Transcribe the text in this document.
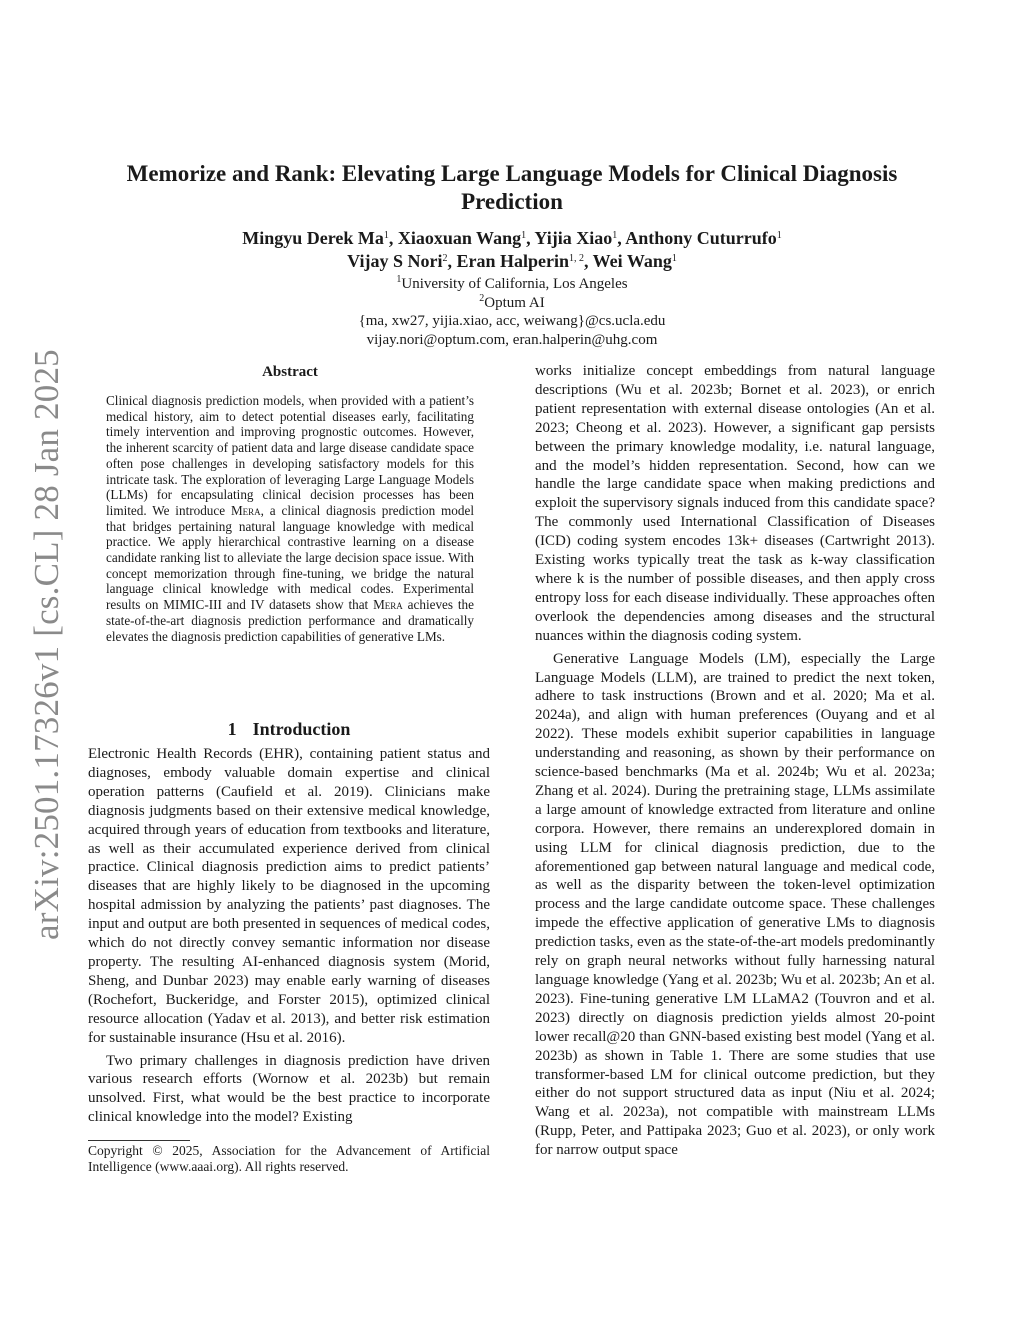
arXiv:2501.17326v1 [cs.CL] 28 Jan 2025
Memorize and Rank: Elevating Large Language Models for Clinical Diagnosis Prediction
Mingyu Derek Ma$^1$, Xiaoxuan Wang$^1$, Yijia Xiao$^1$, Anthony Cuturrufo$^1$
Vijay S Nori$^2$, Eran Halperin$^{1, 2}$, Wei Wang$^1$
$^1$University of California, Los Angeles
$^2$Optum AI
{ma, xw27, yijia.xiao, acc, weiwang}@cs.ucla.edu
vijay.nori@optum.com, eran.halperin@uhg.com
Abstract
Clinical diagnosis prediction models, when provided with a patient’s medical history, aim to detect potential diseases early, facilitating timely intervention and improving prognostic outcomes. However, the inherent scarcity of patient data and large disease candidate space often pose challenges in developing satisfactory models for this intricate task. The exploration of leveraging Large Language Models (LLMs) for encapsulating clinical decision processes has been limited. We introduce Mera, a clinical diagnosis prediction model that bridges pertaining natural language knowledge with medical practice. We apply hierarchical contrastive learning on a disease candidate ranking list to alleviate the large decision space issue. With concept memorization through fine-tuning, we bridge the natural language clinical knowledge with medical codes. Experimental results on MIMIC-III and IV datasets show that Mera achieves the state-of-the-art diagnosis prediction performance and dramatically elevates the diagnosis prediction capabilities of generative LMs.
1 Introduction

Electronic Health Records (EHR), containing patient status and diagnoses, embody valuable domain expertise and clinical operation patterns (Caufield et al. 2019). Clinicians make diagnosis judgments based on their extensive medical knowledge, acquired through years of education from textbooks and literature, as well as their accumulated experience derived from clinical practice. Clinical diagnosis prediction aims to predict patients’ diseases that are highly likely to be diagnosed in the upcoming hospital admission by analyzing the patients’ past diagnoses. The input and output are both presented in sequences of medical codes, which do not directly convey semantic information nor disease property. The resulting AI-enhanced diagnosis system (Morid, Sheng, and Dunbar 2023) may enable early warning of diseases (Rochefort, Buckeridge, and Forster 2015), optimized clinical resource allocation (Yadav et al. 2013), and better risk estimation for sustainable insurance (Hsu et al. 2016).

Two primary challenges in diagnosis prediction have driven various research efforts (Wornow et al. 2023b) but remain unsolved. First, what would be the best practice to incorporate clinical knowledge into the model? Existing

Copyright © 2025, Association for the Advancement of Artificial Intelligence (www.aaai.org). All rights reserved.

works initialize concept embeddings from natural language descriptions (Wu et al. 2023b; Bornet et al. 2023), or enrich patient representation with external disease ontologies (An et al. 2023; Cheong et al. 2023). However, a significant gap persists between the primary knowledge modality, i.e. natural language, and the model’s hidden representation. Second, how can we handle the large candidate space when making predictions and exploit the supervisory signals induced from this candidate space? The commonly used International Classification of Diseases (ICD) coding system encodes 13k+ diseases (Cartwright 2013). Existing works typically treat the task as k-way classification where k is the number of possible diseases, and then apply cross entropy loss for each disease individually. These approaches often overlook the dependencies among diseases and the structural nuances within the diagnosis coding system.

Generative Language Models (LM), especially the Large Language Models (LLM), are trained to predict the next token, adhere to task instructions (Brown and et al. 2020; Ma et al. 2024a), and align with human preferences (Ouyang and et al 2022). These models exhibit superior capabilities in language understanding and reasoning, as shown by their performance on science-based benchmarks (Ma et al. 2024b; Wu et al. 2023a; Zhang et al. 2024). During the pretraining stage, LLMs assimilate a large amount of knowledge extracted from literature and online corpora. However, there remains an underexplored domain in using LLM for clinical diagnosis prediction, due to the aforementioned gap between natural language and medical code, as well as the disparity between the token-level optimization process and the large candidate outcome space. These challenges impede the effective application of generative LMs to diagnosis prediction tasks, even as the state-of-the-art models predominantly rely on graph neural networks without fully harnessing natural language knowledge (Yang et al. 2023b; Wu et al. 2023b; An et al. 2023). Fine-tuning generative LM LLaMA2 (Touvron and et al. 2023) directly on diagnosis prediction yields almost 20-point lower recall@20 than GNN-based existing best model (Yang et al. 2023b) as shown in Table 1. There are some studies that use transformer-based LM for clinical outcome prediction, but they either do not support structured data as input (Niu et al. 2024; Wang et al. 2023a), not compatible with mainstream LLMs (Rupp, Peter, and Pattipaka 2023; Guo et al. 2023), or only work for narrow output space
